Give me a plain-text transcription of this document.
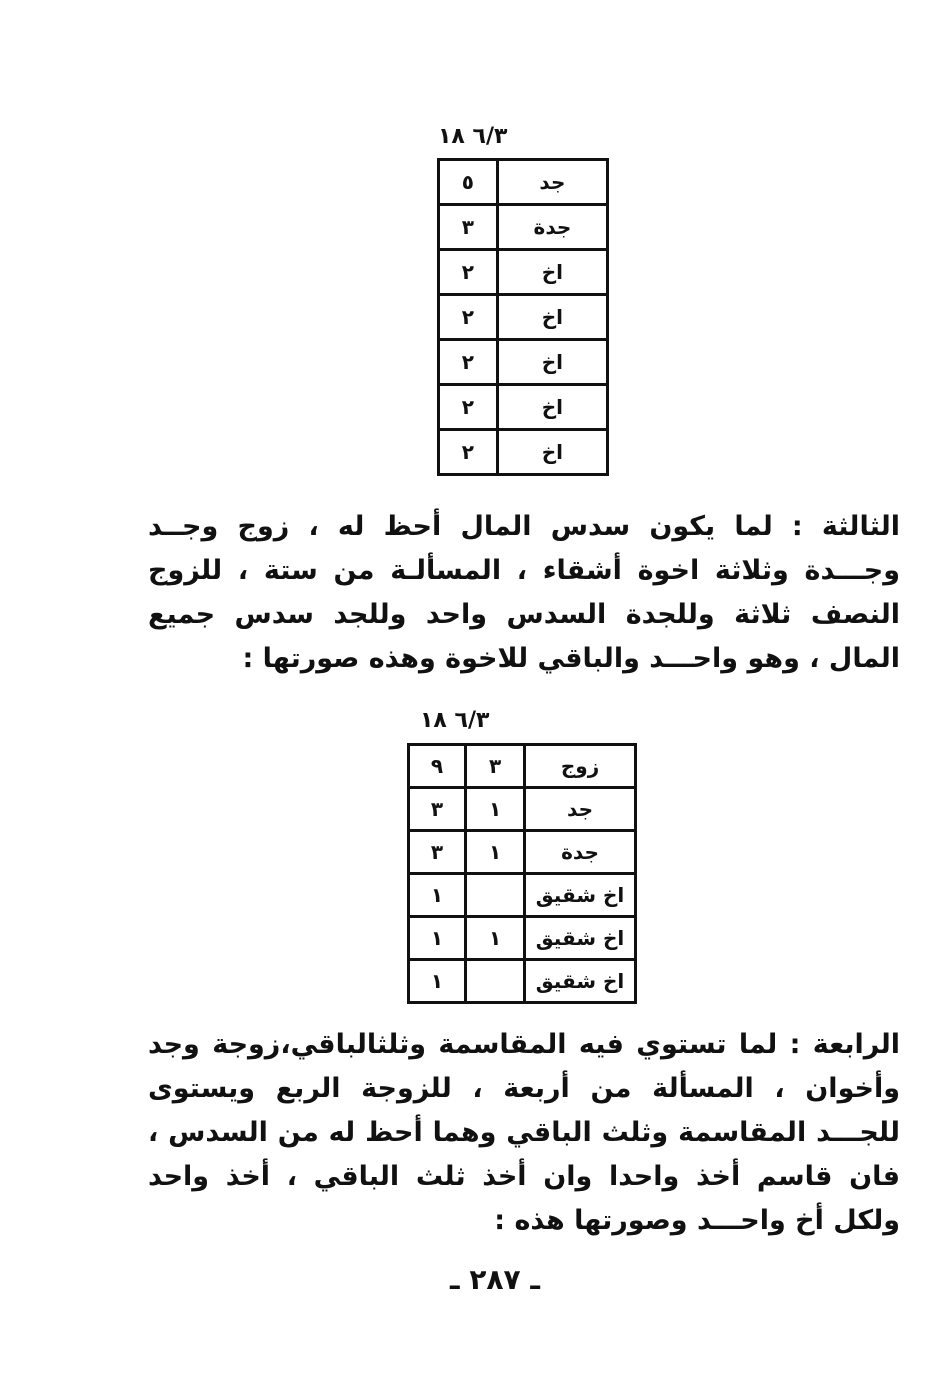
٦/٣ ١٨
٥	جد
٣	جدة
٢	اخ
٢	اخ
٢	اخ
٢	اخ
٢	اخ
الثالثة : لما يكون سدس المال أحظ له ، زوج وجــد وجـــدة وثلاثة اخوة أشقاء ، المسألـة من ستة ، للزوج النصف ثلاثة وللجدة السدس واحد وللجد سدس جميع المال ، وهو واحـــد والباقي للاخوة وهذه صورتها :
٦/٣ ١٨
٩	٣	زوج
٣	١	جد
٣	١	جدة
١		اخ شقيق
١	١	اخ شقيق
١		اخ شقيق
الرابعة : لما تستوي فيه المقاسمة وثلثالباقي،زوجة وجد وأخوان ، المسألة من أربعة ، للزوجة الربع ويستوى للجـــد المقاسمة وثلث الباقي وهما أحظ له من السدس ، فان قاسم أخذ واحدا وان أخذ ثلث الباقي ، أخذ واحد ولكل أخ واحـــد وصورتها هذه :
ـ ٢٨٧ ـ
